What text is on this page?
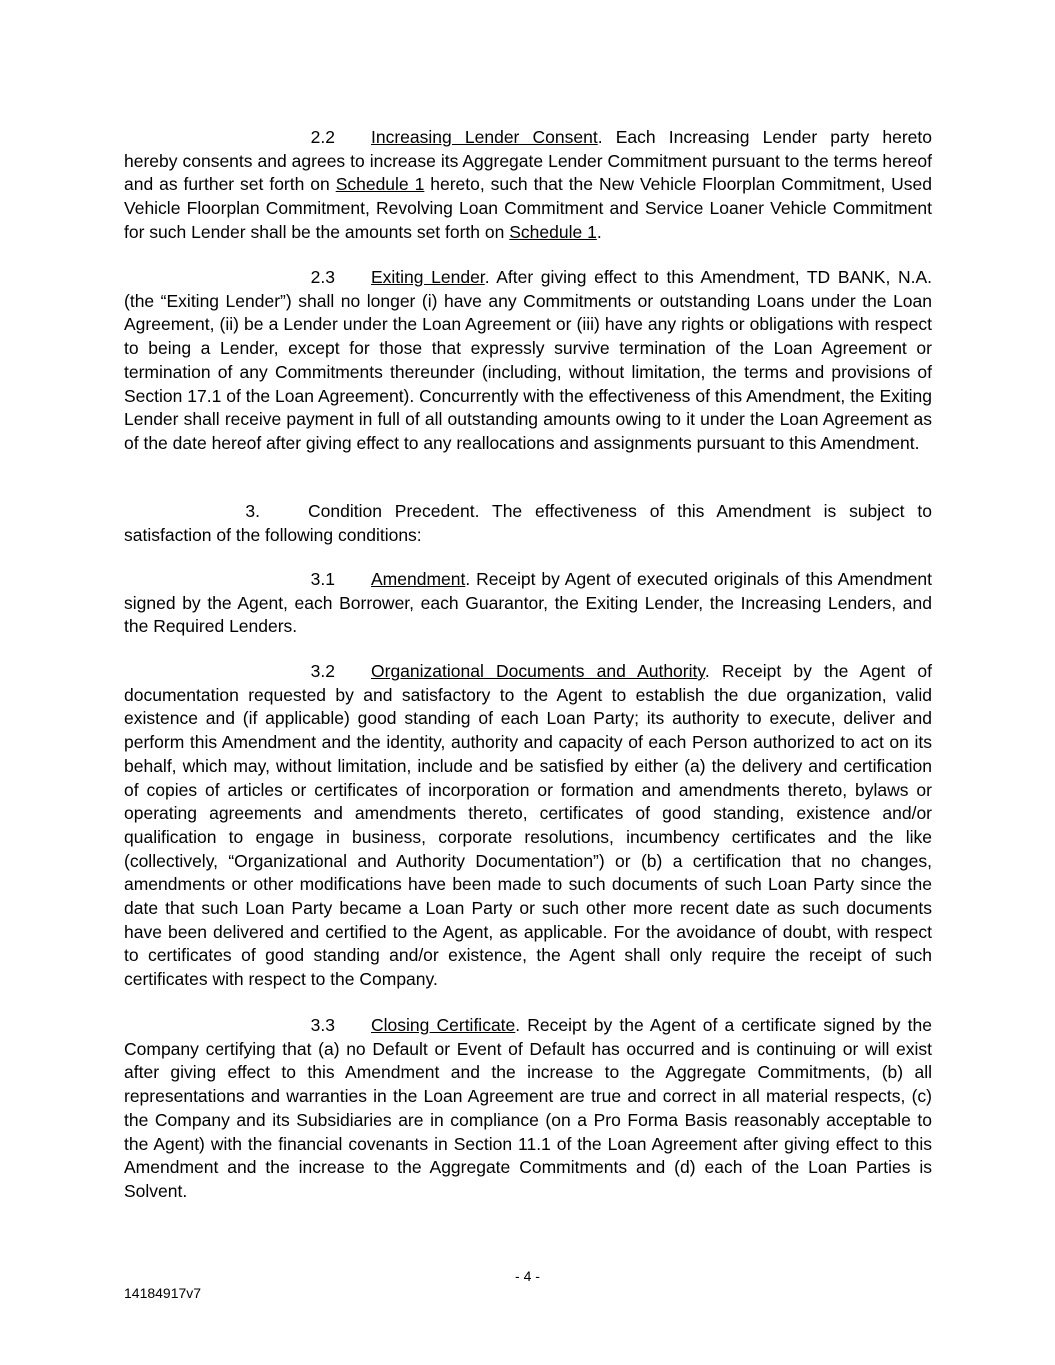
2.2 Increasing Lender Consent. Each Increasing Lender party hereto hereby consents and agrees to increase its Aggregate Lender Commitment pursuant to the terms hereof and as further set forth on Schedule 1 hereto, such that the New Vehicle Floorplan Commitment, Used Vehicle Floorplan Commitment, Revolving Loan Commitment and Service Loaner Vehicle Commitment for such Lender shall be the amounts set forth on Schedule 1.

2.3 Exiting Lender. After giving effect to this Amendment, TD BANK, N.A. (the “Exiting Lender”) shall no longer (i) have any Commitments or outstanding Loans under the Loan Agreement, (ii) be a Lender under the Loan Agreement or (iii) have any rights or obligations with respect to being a Lender, except for those that expressly survive termination of the Loan Agreement or termination of any Commitments thereunder (including, without limitation, the terms and provisions of Section 17.1 of the Loan Agreement). Concurrently with the effectiveness of this Amendment, the Exiting Lender shall receive payment in full of all outstanding amounts owing to it under the Loan Agreement as of the date hereof after giving effect to any reallocations and assignments pursuant to this Amendment.

3.	Condition Precedent. The effectiveness of this Amendment is subject to satisfaction of the following conditions:

3.1 Amendment. Receipt by Agent of executed originals of this Amendment signed by the Agent, each Borrower, each Guarantor, the Exiting Lender, the Increasing Lenders, and the Required Lenders.

3.2 Organizational Documents and Authority. Receipt by the Agent of documentation requested by and satisfactory to the Agent to establish the due organization, valid existence and (if applicable) good standing of each Loan Party; its authority to execute, deliver and perform this Amendment and the identity, authority and capacity of each Person authorized to act on its behalf, which may, without limitation, include and be satisfied by either (a) the delivery and certification of copies of articles or certificates of incorporation or formation and amendments thereto, bylaws or operating agreements and amendments thereto, certificates of good standing, existence and/or qualification to engage in business, corporate resolutions, incumbency certificates and the like (collectively, “Organizational and Authority Documentation”) or (b) a certification that no changes, amendments or other modifications have been made to such documents of such Loan Party since the date that such Loan Party became a Loan Party or such other more recent date as such documents have been delivered and certified to the Agent, as applicable. For the avoidance of doubt, with respect to certificates of good standing and/or existence, the Agent shall only require the receipt of such certificates with respect to the Company.

3.3 Closing Certificate. Receipt by the Agent of a certificate signed by the Company certifying that (a) no Default or Event of Default has occurred and is continuing or will exist after giving effect to this Amendment and the increase to the Aggregate Commitments, (b) all representations and warranties in the Loan Agreement are true and correct in all material respects, (c) the Company and its Subsidiaries are in compliance (on a Pro Forma Basis reasonably acceptable to the Agent) with the financial covenants in Section 11.1 of the Loan Agreement after giving effect to this Amendment and the increase to the Aggregate Commitments and (d) each of the Loan Parties is Solvent.

- 4 -
14184917v7
